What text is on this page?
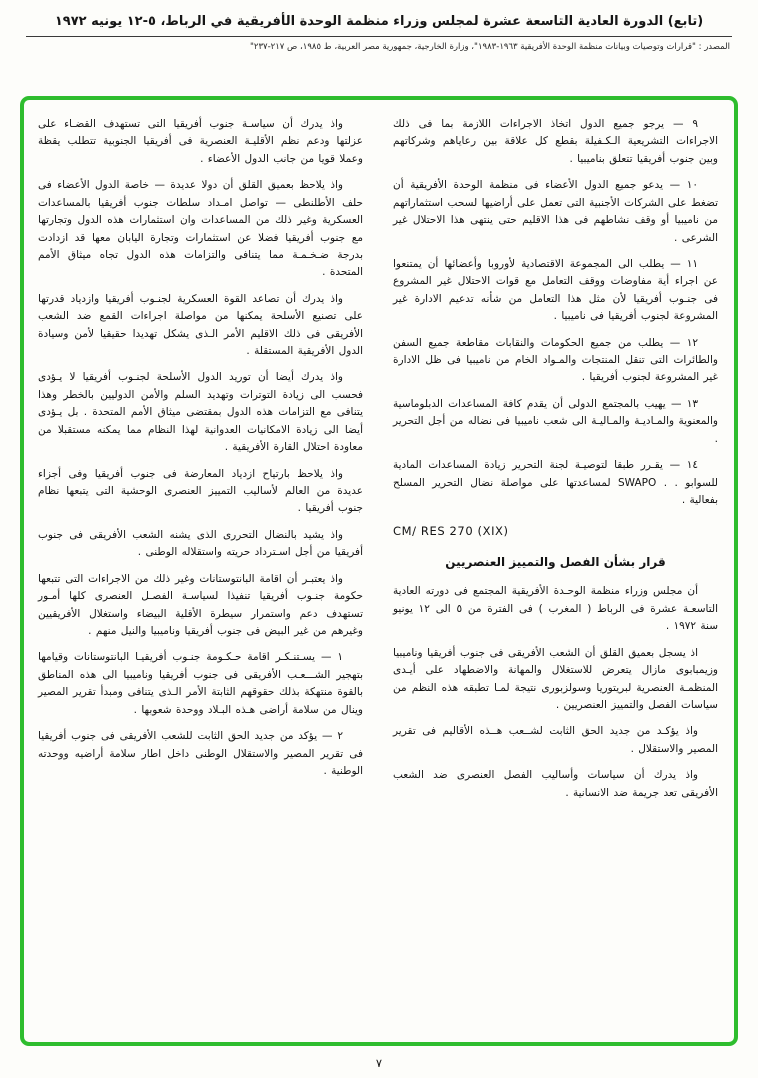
(تابع) الدورة العادية التاسعة عشرة لمجلس وزراء منظمة الوحدة الأفريقية في الرباط، ٥-١٢ يونيه ١٩٧٢
المصدر : "قرارات وتوصيات وبيانات منظمة الوحدة الأفريقية ١٩٦٣-١٩٨٣"، وزارة الخارجية، جمهورية مصر العربية، ط ١٩٨٥، ص ٢١٧-٢٣٧"

٩ — يرجو جميع الدول اتخاذ الاجراءات اللازمة بما فى ذلك الاجراءات التشريعية الـكـفيلة بقطع كل علاقة بين رعاياهم وشركاتهم وبين جنوب أفريقيا تتعلق بناميبيا .

١٠ — يدعو جميع الدول الأعضاء فى منظمة الوحدة الأفريقية أن تضغط على الشركات الأجنبية التى تعمل على أراضيها لسحب استثماراتهم من ناميبيا أو وقف نشاطهم فى هذا الاقليم حتى ينتهى هذا الاحتلال غير الشرعى .

١١ — يطلب الى المجموعة الاقتصادية لأوروبا وأعضائها أن يمتنعوا عن اجراء أية مفاوضات ووقف التعامل مع قوات الاحتلال غير المشروع فى جنـوب أفريقيا لأن مثل هذا التعامل من شأنه تدعيم الادارة غير المشروعة لجنوب أفريقيا فى ناميبيا .

١٢ — يطلب من جميع الحكومات والنقابات مقاطعة جميع السفن والطائرات التى تنقل المنتجات والمـواد الخام من ناميبيا فى ظل الادارة غير المشروعة لجنوب أفريقيا .

١٣ — يهيب بالمجتمع الدولى أن يقدم كافة المساعدات الدبلوماسية والمعنوية والمـاديـة والمـاليـة الى شعب ناميبيا فى نضاله من أجل التحرير .

١٤ — يقـرر طبقا لتوصيـة لجنة التحرير زيادة المساعدات المادية للسوابو . . SWAPO لمساعدتها على مواصلة نضال التحرير المسلح بفعالية .

CM/ RES 270 (XIX)

قرار بشأن الفصل والتمييز العنصريين

أن مجلس وزراء منظمة الوحـدة الأفريقية المجتمع فى دورته العادية التاسعـة عشرة فى الرباط ( المغرب ) فى الفترة من ٥ الى ١٢ يونيو سنة ١٩٧٢ .

اذ يسجل بعميق القلق أن الشعب الأفريقى فى جنوب أفريقيا وناميبيا وزيمبابوى مازال يتعرض للاستغلال والمهانة والاضطهاد على أيـدى المنظمـة العنصرية لبريتوريا وسولزبورى نتيجة لمـا تطبقه هذه النظم من سياسات الفصل والتمييز العنصريين .

واذ يؤكـد من جديد الحق الثابت لشــعب هــذه الأقاليم فى تقرير المصير والاستقلال .

واذ يدرك أن سياسات وأساليب الفصل العنصرى ضد الشعب الأفريقى تعد جريمة ضد الانسانية .

واذ يدرك أن سياسـة جنوب أفريقيا التى تستهدف القضـاء على عزلتها ودعم نظم الأقليـة العنصرية فى أفريقيا الجنوبية تتطلب يقظة وعملا قويا من جانب الدول الأعضاء .

واذ يلاحظ بعميق القلق أن دولا عديدة — خاصة الدول الأعضاء فى حلف الأطلنطى — تواصل امـداد سلطات جنوب أفريقيا بالمساعدات العسكرية وغير ذلك من المساعدات وان استثمارات هذه الدول وتجارتها مع جنوب أفريقيا فضلا عن استثمارات وتجارة اليابان معها قد ازدادت بدرجة ضـخـمـة مما يتنافى والتزامات هذه الدول تجاه ميثاق الأمم المتحدة .

واذ يدرك أن تصاعد القوة العسكرية لجنـوب أفريقيا وازدياد قدرتها على تصنيع الأسلحة يمكنها من مواصلة اجراءات القمع ضد الشعب الأفريقى فى ذلك الاقليم الأمر الـذى يشكل تهديدا حقيقيا لأمن وسيادة الدول الأفريقية المستقلة .

واذ يدرك أيضا أن توريد الدول الأسلحة لجنـوب أفريقيا لا يـؤدى فحسب الى زيادة التوترات وتهديد السلم والأمن الدوليين بالخطر وهذا يتنافى مع التزامات هذه الدول بمقتضى ميثاق الأمم المتحدة . بل يـؤدى أيضا الى زيادة الامكانيات العدوانية لهذا النظام مما يمكنه مستقبلا من معاودة احتلال القارة الأفريقية .

واذ يلاحظ بارتياح ازدياد المعارضة فى جنوب أفريقيا وفى أجزاء عديدة من العالم لأساليب التمييز العنصرى الوحشية التى يتبعها نظام جنوب أفريقيا .

واذ يشيد بالنضال التحررى الذى يشنه الشعب الأفريقى فى جنوب أفريقيا من أجل اسـترداد حريته واستقلاله الوطنى .

واذ يعتبـر أن اقامة البانتوستانات وغير ذلك من الاجراءات التى تتبعها حكومة جنـوب أفريقيا تنفيذا لسياسـة الفصـل العنصرى كلها أمـور تستهدف دعم واستمرار سيطرة الأقلية البيضاء واستغلال الأفريقيين وغيرهم من غير البيض فى جنوب أفريقيا وناميبيا والنيل منهم .

١ — يسـتنـكـر اقامة حـكـومة جنـوب أفريقيـا البانتوستانات وقيامها بتهجير الشـــعـب الأفريقى فى جنوب أفريقيا وناميبيا الى هذه المناطق بالقوة منتهكة بذلك حقوقهم الثابتة الأمر الـذى يتنافى ومبدأ تقرير المصير وينال من سلامة أراضى هـذه البـلاد ووحدة شعوبها .

٢ — يؤكد من جديد الحق الثابت للشعب الأفريقى فى جنوب أفريقيا فى تقرير المصير والاستقلال الوطنى داخل اطار سلامة أراضيه ووحدته الوطنية .

٧
